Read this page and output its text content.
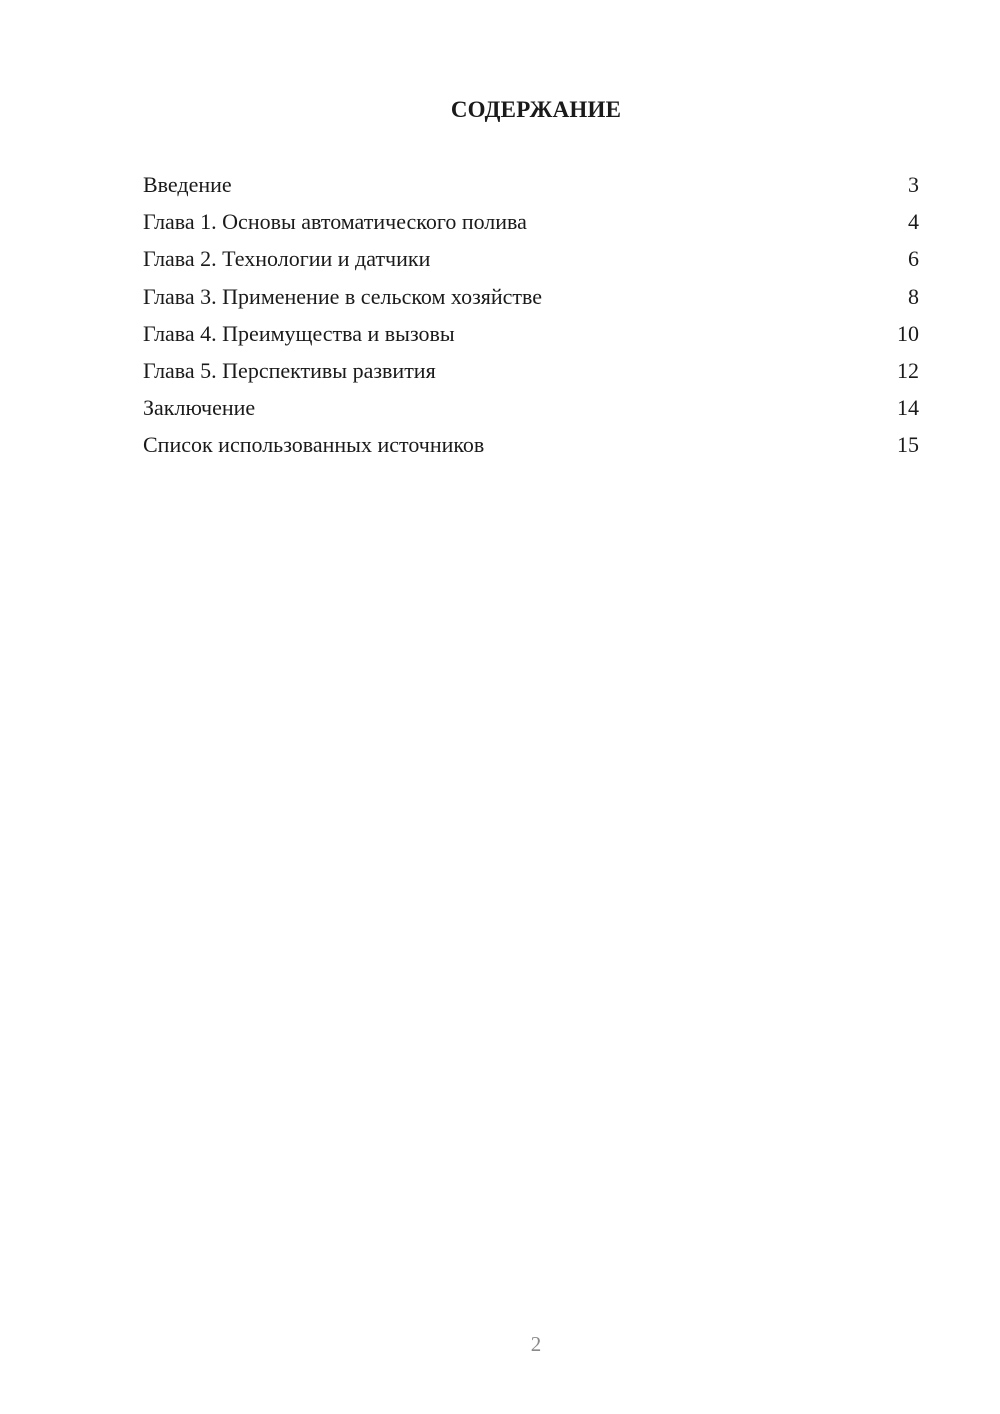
СОДЕРЖАНИЕ
Введение	3
Глава 1. Основы автоматического полива	4
Глава 2. Технологии и датчики	6
Глава 3. Применение в сельском хозяйстве	8
Глава 4. Преимущества и вызовы	10
Глава 5. Перспективы развития	12
Заключение	14
Список использованных источников	15
2
